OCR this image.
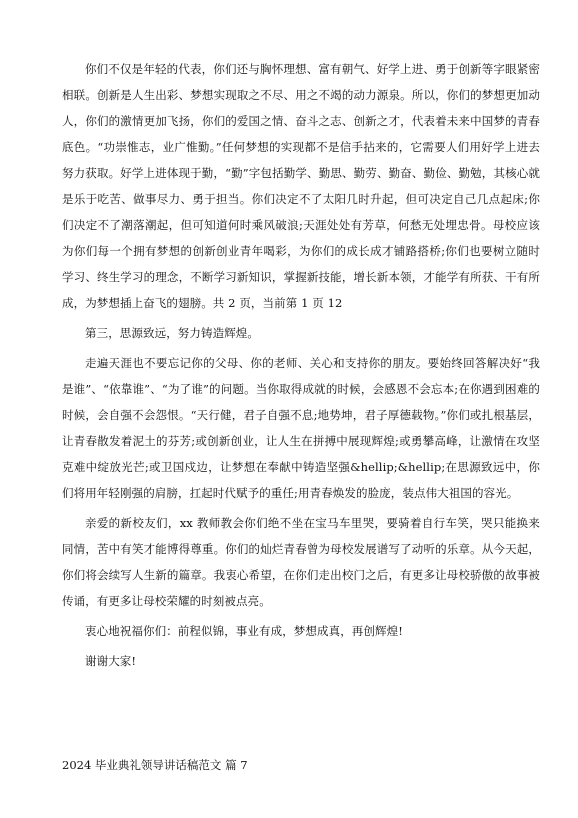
你们不仅是年轻的代表，你们还与胸怀理想、富有朝气、好学上进、勇于创新等字眼紧密相联。创新是人生出彩、梦想实现取之不尽、用之不竭的动力源泉。所以，你们的梦想更加动人，你们的激情更加飞扬，你们的爱国之情、奋斗之志、创新之才，代表着未来中国梦的青春底色。“功崇惟志，业广惟勤。”任何梦想的实现都不是信手拈来的，它需要人们用好学上进去努力获取。好学上进体现于勤，“勤”字包括勤学、勤思、勤劳、勤奋、勤俭、勤勉，其核心就是乐于吃苦、做事尽力、勇于担当。你们决定不了太阳几时升起，但可决定自己几点起床;你们决定不了潮落潮起，但可知道何时乘风破浪;天涯处处有芳草，何愁无处埋忠骨。母校应该为你们每一个拥有梦想的创新创业青年喝彩，为你们的成长成才铺路搭桥;你们也要树立随时学习、终生学习的理念，不断学习新知识，掌握新技能，增长新本领，才能学有所获、干有所成，为梦想插上奋飞的翅膀。共 2 页，当前第 1 页 12

第三，思源致远，努力铸造辉煌。

走遍天涯也不要忘记你的父母、你的老师、关心和支持你的朋友。要始终回答解决好“我是谁”、“依靠谁”、“为了谁”的问题。当你取得成就的时候，会感恩不会忘本;在你遇到困难的时候，会自强不会怨恨。“天行健，君子自强不息;地势坤，君子厚德载物。”你们或扎根基层，让青春散发着泥土的芬芳;或创新创业，让人生在拼搏中展现辉煌;或勇攀高峰，让激情在攻坚克难中绽放光芒;或卫国戍边，让梦想在奉献中铸造坚强&hellip;&hellip;在思源致远中，你们将用年轻刚强的肩膀，扛起时代赋予的重任;用青春焕发的脸庞，装点伟大祖国的容光。

亲爱的新校友们，xx 教师教会你们绝不坐在宝马车里哭，要骑着自行车笑，哭只能换来同情，苦中有笑才能博得尊重。你们的灿烂青春曾为母校发展谱写了动听的乐章。从今天起，你们将会续写人生新的篇章。我衷心希望，在你们走出校门之后，有更多让母校骄傲的故事被传诵，有更多让母校荣耀的时刻被点亮。

衷心地祝福你们：前程似锦，事业有成，梦想成真，再创辉煌!

谢谢大家!

2024 毕业典礼领导讲话稿范文 篇 7
